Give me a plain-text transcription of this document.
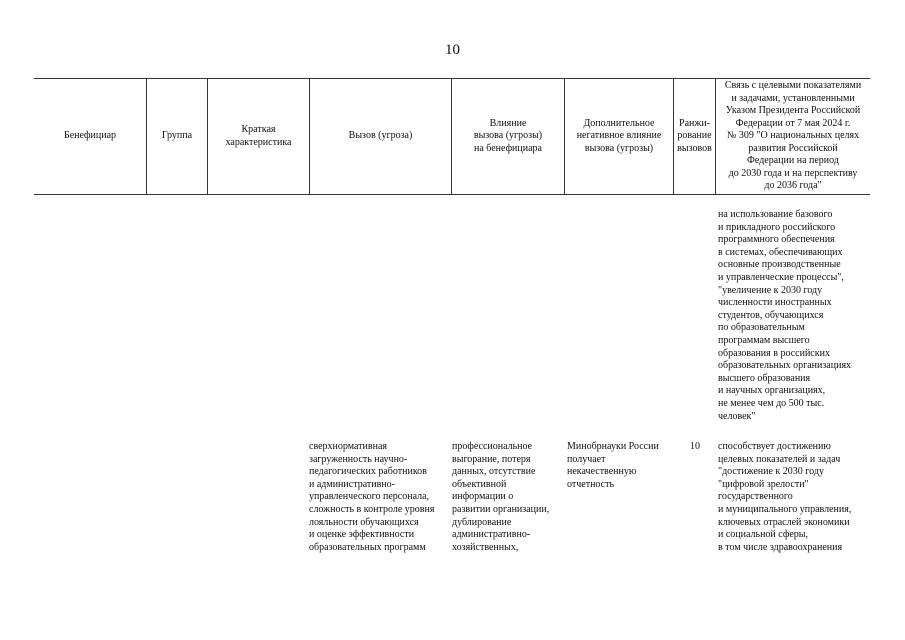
10
Бенефициар	Группа
Краткая
характеристика
Вызов (угроза)
Влияние
вызова (угрозы)
на бенефициара
Дополнительное
негативное влияние
вызова (угрозы)
Ранжи-
рование
вызовов
Связь с целевыми показателями
и задачами, установленными
Указом Президента Российской
Федерации от 7 мая 2024 г.
№ 309 "О национальных целях
развития Российской
Федерации на период
до 2030 года и на перспективу
до 2036 года"
на использование базового
и прикладного российского
программного обеспечения
в системах, обеспечивающих
основные производственные
и управленческие процессы",
"увеличение к 2030 году
численности иностранных
студентов, обучающихся
по образовательным
программам высшего
образования в российских
образовательных организациях
высшего образования
и научных организациях,
не менее чем до 500 тыс.
человек"
сверхнормативная
загруженность научно-
педагогических работников
и административно-
управленческого персонала,
сложность в контроле уровня
лояльности обучающихся
и оценке эффективности
образовательных программ
профессиональное
выгорание, потеря
данных, отсутствие
объективной
информации о
развитии организации,
дублирование
административно-
хозяйственных,
Минобрнауки России
получает
некачественную
отчетность
10	способствует достижению
целевых показателей и задач
"достижение к 2030 году
"цифровой зрелости"
государственного
и муниципального управления,
ключевых отраслей экономики
и социальной сферы,
в том числе здравоохранения
